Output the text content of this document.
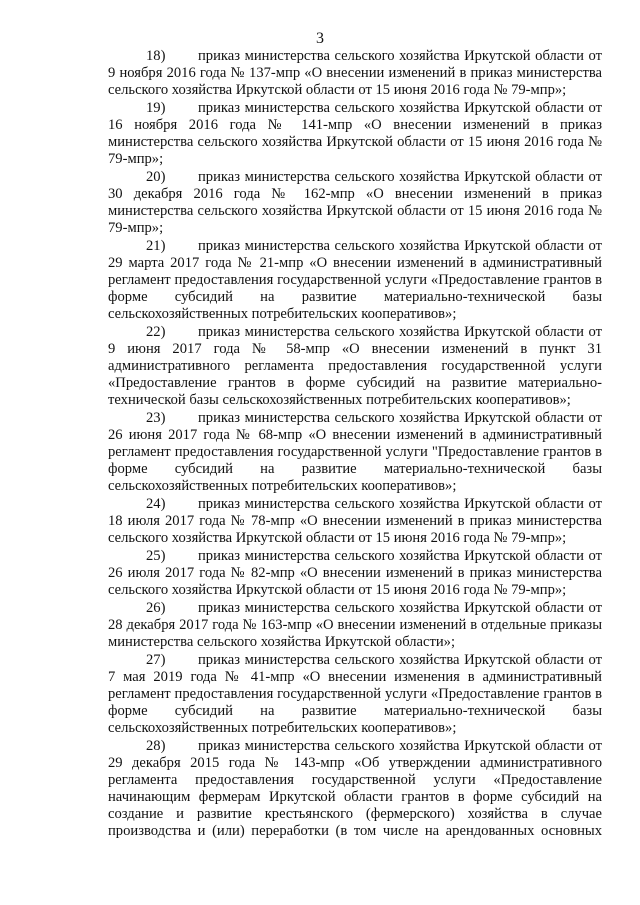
3

18) приказ министерства сельского хозяйства Иркутской области от 9 ноября 2016 года № 137-мпр «О внесении изменений в приказ министерства сельского хозяйства Иркутской области от 15 июня 2016 года № 79-мпр»;

19) приказ министерства сельского хозяйства Иркутской области от 16 ноября 2016 года № 141-мпр «О внесении изменений в приказ министерства сельского хозяйства Иркутской области от 15 июня 2016 года № 79-мпр»;

20) приказ министерства сельского хозяйства Иркутской области от 30 декабря 2016 года № 162-мпр «О внесении изменений в приказ министерства сельского хозяйства Иркутской области от 15 июня 2016 года № 79-мпр»;

21) приказ министерства сельского хозяйства Иркутской области от 29 марта 2017 года № 21-мпр «О внесении изменений в административный регламент предоставления государственной услуги «Предоставление грантов в форме субсидий на развитие материально-технической базы сельскохозяйственных потребительских кооперативов»;

22) приказ министерства сельского хозяйства Иркутской области от 9 июня 2017 года № 58-мпр «О внесении изменений в пункт 31 административного регламента предоставления государственной услуги «Предоставление грантов в форме субсидий на развитие материально-технической базы сельскохозяйственных потребительских кооперативов»;

23) приказ министерства сельского хозяйства Иркутской области от 26 июня 2017 года № 68-мпр «О внесении изменений в административный регламент предоставления государственной услуги "Предоставление грантов в форме субсидий на развитие материально-технической базы сельскохозяйственных потребительских кооперативов»;

24) приказ министерства сельского хозяйства Иркутской области от 18 июля 2017 года № 78-мпр «О внесении изменений в приказ министерства сельского хозяйства Иркутской области от 15 июня 2016 года № 79-мпр»;

25) приказ министерства сельского хозяйства Иркутской области от 26 июля 2017 года № 82-мпр «О внесении изменений в приказ министерства сельского хозяйства Иркутской области от 15 июня 2016 года № 79-мпр»;

26) приказ министерства сельского хозяйства Иркутской области от 28 декабря 2017 года № 163-мпр «О внесении изменений в отдельные приказы министерства сельского хозяйства Иркутской области»;

27) приказ министерства сельского хозяйства Иркутской области от 7 мая 2019 года № 41-мпр «О внесении изменения в административный регламент предоставления государственной услуги «Предоставление грантов в форме субсидий на развитие материально-технической базы сельскохозяйственных потребительских кооперативов»;

28) приказ министерства сельского хозяйства Иркутской области от 29 декабря 2015 года № 143-мпр «Об утверждении административного регламента предоставления государственной услуги «Предоставление начинающим фермерам Иркутской области грантов в форме субсидий на создание и развитие крестьянского (фермерского) хозяйства в случае производства и (или) переработки (в том числе на арендованных основных
